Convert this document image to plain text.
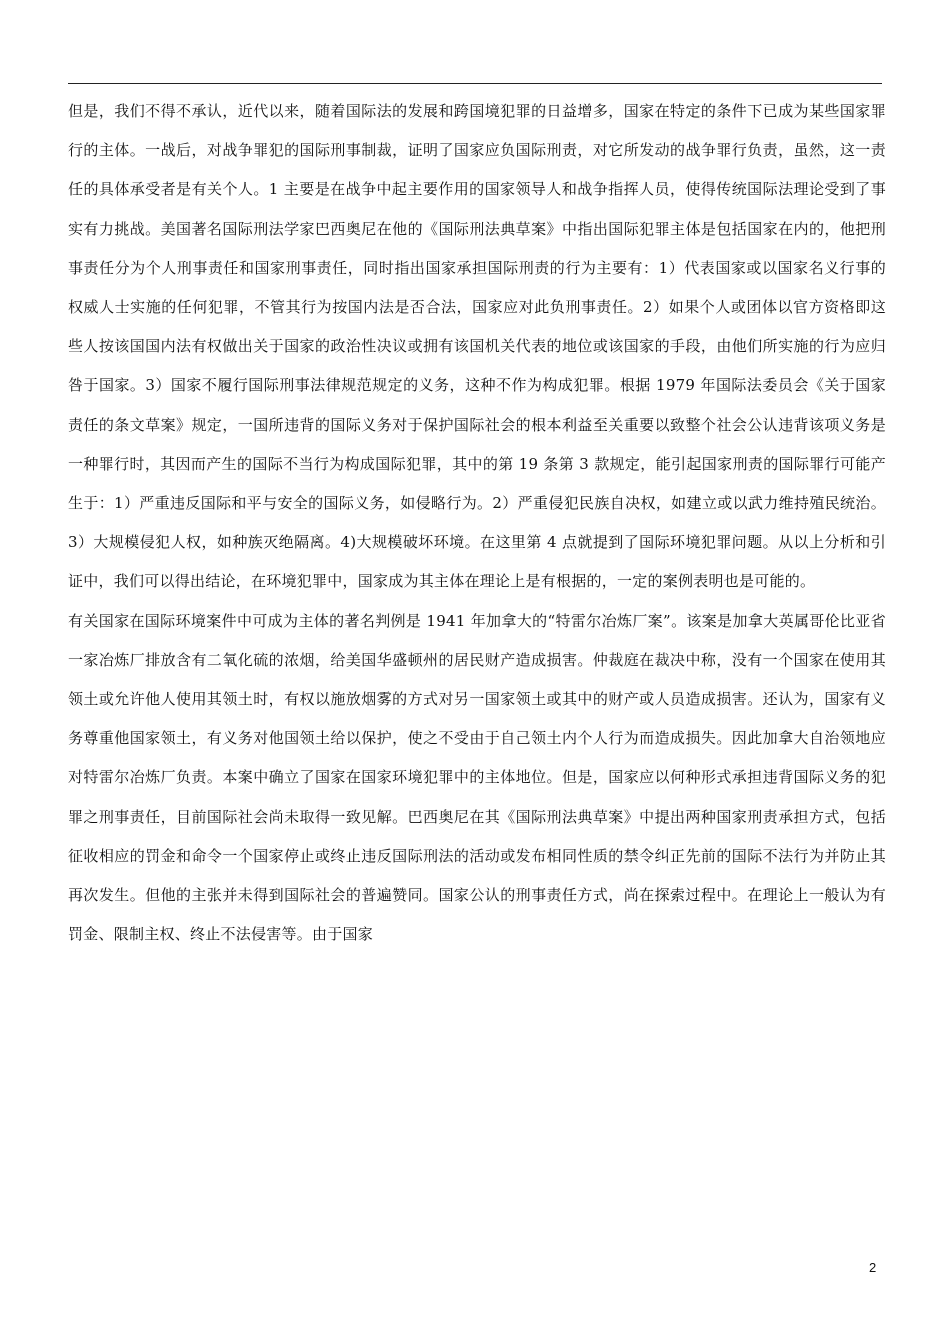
但是，我们不得不承认，近代以来，随着国际法的发展和跨国境犯罪的日益增多，国家在特定的条件下已成为某些国家罪行的主体。一战后，对战争罪犯的国际刑事制裁，证明了国家应负国际刑责，对它所发动的战争罪行负责，虽然，这一责任的具体承受者是有关个人。1 主要是在战争中起主要作用的国家领导人和战争指挥人员，使得传统国际法理论受到了事实有力挑战。美国著名国际刑法学家巴西奥尼在他的《国际刑法典草案》中指出国际犯罪主体是包括国家在内的，他把刑事责任分为个人刑事责任和国家刑事责任，同时指出国家承担国际刑责的行为主要有：1）代表国家或以国家名义行事的权威人士实施的任何犯罪，不管其行为按国内法是否合法，国家应对此负刑事责任。2）如果个人或团体以官方资格即这些人按该国国内法有权做出关于国家的政治性决议或拥有该国机关代表的地位或该国家的手段，由他们所实施的行为应归咎于国家。3）国家不履行国际刑事法律规范规定的义务，这种不作为构成犯罪。根据 1979 年国际法委员会《关于国家责任的条文草案》规定，一国所违背的国际义务对于保护国际社会的根本利益至关重要以致整个社会公认违背该项义务是一种罪行时，其因而产生的国际不当行为构成国际犯罪，其中的第 19 条第 3 款规定，能引起国家刑责的国际罪行可能产生于：1）严重违反国际和平与安全的国际义务，如侵略行为。2）严重侵犯民族自决权，如建立或以武力维持殖民统治。3）大规模侵犯人权，如种族灭绝隔离。4)大规模破坏环境。在这里第 4 点就提到了国际环境犯罪问题。从以上分析和引证中，我们可以得出结论，在环境犯罪中，国家成为其主体在理论上是有根据的，一定的案例表明也是可能的。

有关国家在国际环境案件中可成为主体的著名判例是 1941 年加拿大的“特雷尔冶炼厂案”。该案是加拿大英属哥伦比亚省一家冶炼厂排放含有二氧化硫的浓烟，给美国华盛顿州的居民财产造成损害。仲裁庭在裁决中称，没有一个国家在使用其领土或允许他人使用其领土时，有权以施放烟雾的方式对另一国家领土或其中的财产或人员造成损害。还认为，国家有义务尊重他国家领土，有义务对他国领土给以保护，使之不受由于自己领土内个人行为而造成损失。因此加拿大自治领地应对特雷尔冶炼厂负责。本案中确立了国家在国家环境犯罪中的主体地位。但是，国家应以何种形式承担违背国际义务的犯罪之刑事责任，目前国际社会尚未取得一致见解。巴西奥尼在其《国际刑法典草案》中提出两种国家刑责承担方式，包括征收相应的罚金和命令一个国家停止或终止违反国际刑法的活动或发布相同性质的禁令纠正先前的国际不法行为并防止其再次发生。但他的主张并未得到国际社会的普遍赞同。国家公认的刑事责任方式，尚在探索过程中。在理论上一般认为有罚金、限制主权、终止不法侵害等。由于国家

2
